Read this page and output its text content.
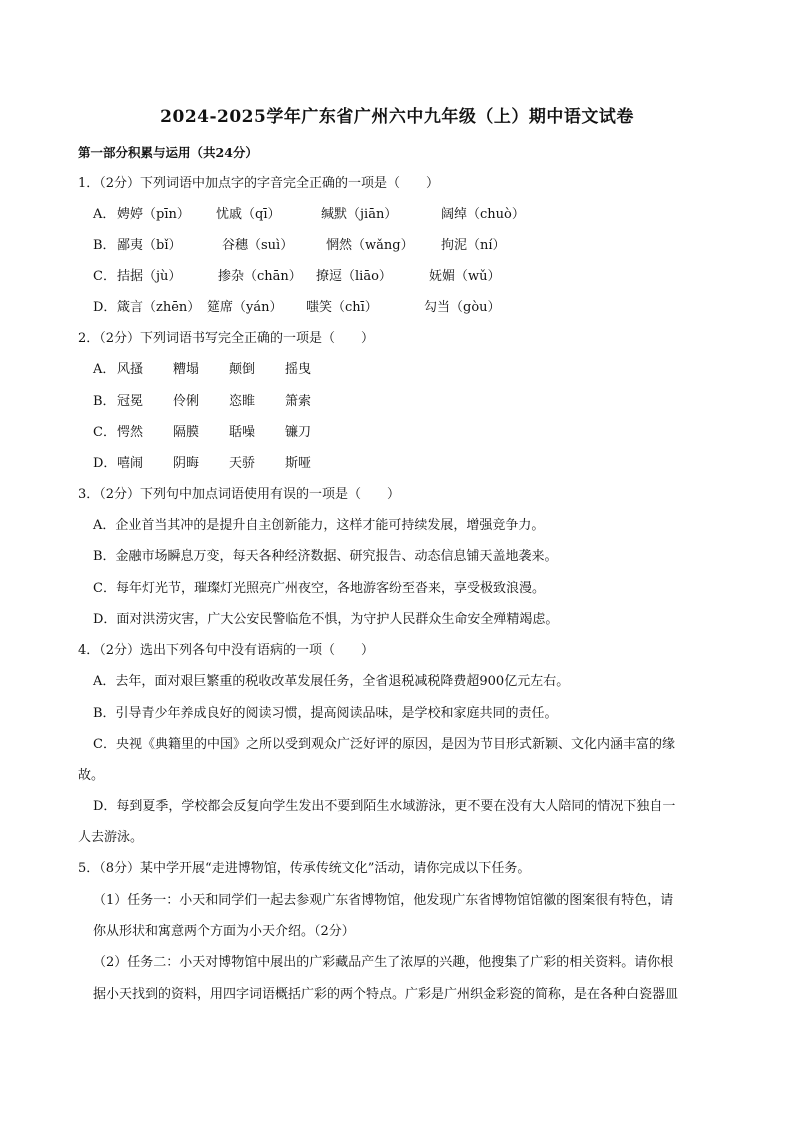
2024-2025学年广东省广州六中九年级（上）期中语文试卷
第一部分积累与运用（共24分）
1．（2分）下列词语中加点字的字音完全正确的一项是（　　）
A． 娉婷（pīn） 忧戚（qī）	缄默（jiān）	阔绰（chuò）
B． 鄙夷（bǐ）	谷穗（suì）	惘然（wǎng） 拘泥（ní）
C． 拮据（jù）	掺杂（chān） 撩逗（liāo）	妩媚（wǔ）
D． 箴言（zhēn） 筵席（yán） 嗤笑（chī）	勾当（gòu）
2．（2分）下列词语书写完全正确的一项是（　　）
A． 风搔 糟塌 颠倒 摇曳
B． 冠冕 伶俐 恣睢 箫索
C． 愕然 隔膜 聒噪 镰刀
D． 嘻闹 阴晦 天骄 斯哑
3．（2分）下列句中加点词语使用有误的一项是（　　）
A．企业首当其冲的是提升自主创新能力，这样才能可持续发展，增强竞争力。
B．金融市场瞬息万变，每天各种经济数据、研究报告、动态信息铺天盖地袭来。
C．每年灯光节，璀璨灯光照亮广州夜空，各地游客纷至沓来，享受极致浪漫。
D．面对洪涝灾害，广大公安民警临危不惧，为守护人民群众生命安全殚精竭虑。
4．（2分）选出下列各句中没有语病的一项（　　）
A．去年，面对艰巨繁重的税收改革发展任务，全省退税减税降费超900亿元左右。
B．引导青少年养成良好的阅读习惯，提高阅读品味，是学校和家庭共同的责任。
C．央视《典籍里的中国》之所以受到观众广泛好评的原因，是因为节目形式新颖、文化内涵丰富的缘
故。
D．每到夏季，学校都会反复向学生发出不要到陌生水域游泳，更不要在没有大人陪同的情况下独自一
人去游泳。
5．（8分）某中学开展“走进博物馆，传承传统文化”活动，请你完成以下任务。
（1）任务一：小天和同学们一起去参观广东省博物馆，他发现广东省博物馆馆徽的图案很有特色，请
你从形状和寓意两个方面为小天介绍。（2分）
（2）任务二：小天对博物馆中展出的广彩藏品产生了浓厚的兴趣，他搜集了广彩的相关资料。请你根
据小天找到的资料，用四字词语概括广彩的两个特点。广彩是广州织金彩瓷的简称，是在各种白瓷器皿
